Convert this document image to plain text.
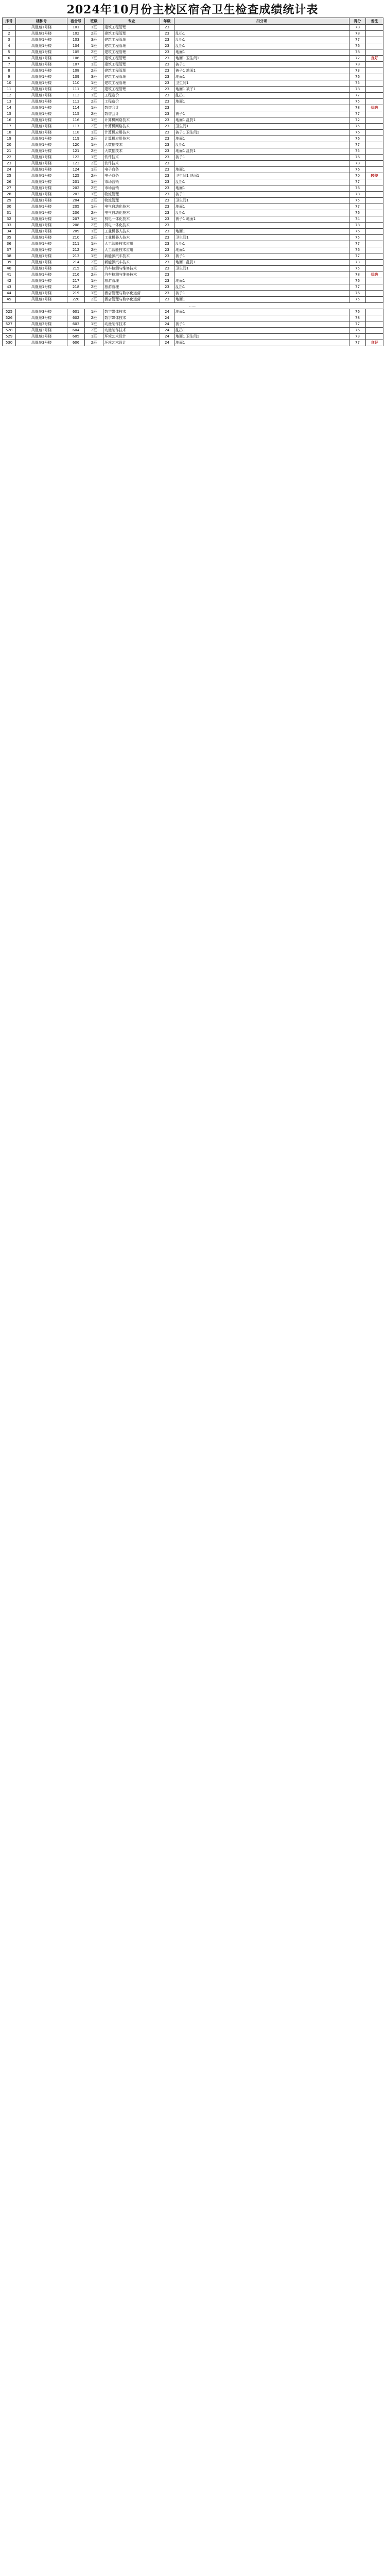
2024年10月份主校区宿舍卫生检查成绩统计表
序号	楼栋号	宿舍号	班级	专业	年级	扣分项	得分	备注
1	凤凰苑1号楼	101	1班	建筑工程管理	23		78	
2	凤凰苑1号楼	102	2班	建筑工程管理	23	乱扔1	78	
3	凤凰苑1号楼	103	3班	建筑工程管理	23	乱扔1	77	
4	凤凰苑1号楼	104	1班	建筑工程管理	23	乱扔1	76	
5	凤凰苑1号楼	105	2班	建筑工程管理	23	地面1	78	
6	凤凰苑1号楼	106	3班	建筑工程管理	23	地面1 卫生间1	72	良好
7	凤凰苑1号楼	107	1班	建筑工程管理	23	被子1	78	
8	凤凰苑1号楼	108	2班	建筑工程管理	23	被子1 地面1	73	
9	凤凰苑1号楼	109	3班	建筑工程管理	23	地面1	76	
10	凤凰苑1号楼	110	1班	建筑工程管理	23	卫生间1	75	
11	凤凰苑1号楼	111	2班	建筑工程管理	23	地面1 被子1	78	
12	凤凰苑1号楼	112	1班	工程造价	23	乱扔1	77	
13	凤凰苑1号楼	113	2班	工程造价	23	地面1	75	
14	凤凰苑1号楼	114	1班	数智会计	23		78	优秀
15	凤凰苑1号楼	115	2班	数智会计	23	被子1	77	
16	凤凰苑1号楼	116	1班	计算机网络技术	23	地面1 乱扔1	72	
17	凤凰苑1号楼	117	2班	计算机网络技术	23	卫生间1	75	
18	凤凰苑1号楼	118	1班	计算机应用技术	23	被子1 卫生间1	76	
19	凤凰苑1号楼	119	2班	计算机应用技术	23	地面1	76	
20	凤凰苑1号楼	120	1班	大数据技术	23	乱扔1	77	
21	凤凰苑1号楼	121	2班	大数据技术	23	地面1 乱扔1	75	
22	凤凰苑1号楼	122	1班	软件技术	23	被子1	76	
23	凤凰苑1号楼	123	2班	软件技术	23		78	
24	凤凰苑1号楼	124	1班	电子商务	23	地面1	76	
25	凤凰苑1号楼	125	2班	电子商务	23	卫生间1 地面1	70	较差
26	凤凰苑1号楼	201	1班	市场营销	23	乱扔1	77	
27	凤凰苑1号楼	202	2班	市场营销	23	地面1	76	
28	凤凰苑1号楼	203	1班	物流管理	23	被子1	78	
29	凤凰苑1号楼	204	2班	物流管理	23	卫生间1	75	
30	凤凰苑1号楼	205	1班	电气自动化技术	23	地面1	77	
31	凤凰苑1号楼	206	2班	电气自动化技术	23	乱扔1	76	
32	凤凰苑1号楼	207	1班	机电一体化技术	23	被子1 地面1	74	
33	凤凰苑1号楼	208	2班	机电一体化技术	23		78	
34	凤凰苑1号楼	209	1班	工业机器人技术	23	地面1	76	
35	凤凰苑1号楼	210	2班	工业机器人技术	23	卫生间1	75	
36	凤凰苑1号楼	211	1班	人工智能技术应用	23	乱扔1	77	
37	凤凰苑1号楼	212	2班	人工智能技术应用	23	地面1	76	
38	凤凰苑1号楼	213	1班	新能源汽车技术	23	被子1	77	
39	凤凰苑1号楼	214	2班	新能源汽车技术	23	地面1 乱扔1	73	
40	凤凰苑1号楼	215	1班	汽车检测与维修技术	23	卫生间1	75	
41	凤凰苑1号楼	216	2班	汽车检测与维修技术	23		78	优秀
42	凤凰苑1号楼	217	1班	旅游管理	23	地面1	76	
43	凤凰苑1号楼	218	2班	旅游管理	23	乱扔1	77	
44	凤凰苑1号楼	219	1班	酒店管理与数字化运营	23	被子1	76	
45	凤凰苑1号楼	220	2班	酒店管理与数字化运营	23	地面1	75	
……								
525	凤凰苑3号楼	601	1班	数字媒体技术	24	地面1	76	
526	凤凰苑3号楼	602	2班	数字媒体技术	24		78	
527	凤凰苑3号楼	603	1班	动漫制作技术	24	被子1	77	
528	凤凰苑3号楼	604	2班	动漫制作技术	24	乱扔1	76	
529	凤凰苑3号楼	605	1班	环境艺术设计	24	地面1 卫生间1	73	
530	凤凰苑3号楼	606	2班	环境艺术设计	24	地面1	77	良好
